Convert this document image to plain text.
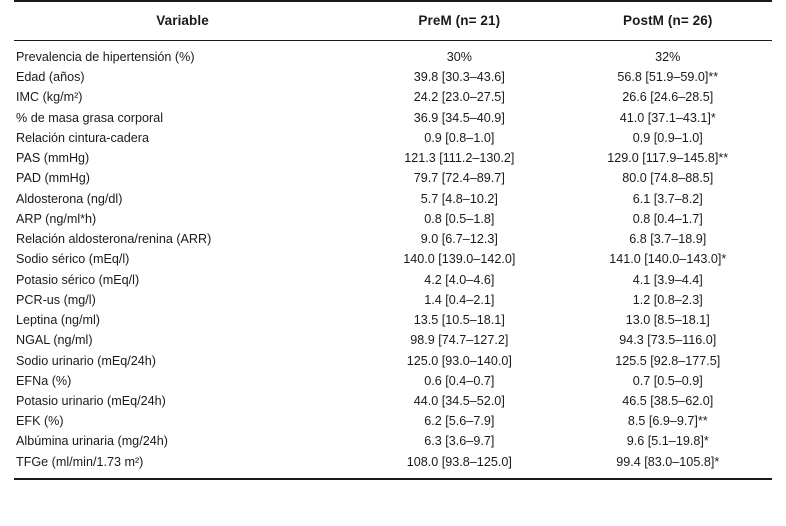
Variable	PreM (n= 21)	PostM (n= 26)
Prevalencia de hipertensión (%)	30%	32%
Edad (años)	39.8 [30.3–43.6]	56.8 [51.9–59.0]**
IMC (kg/m²)	24.2 [23.0–27.5]	26.6 [24.6–28.5]
% de masa grasa corporal	36.9 [34.5–40.9]	41.0 [37.1–43.1]*
Relación cintura-cadera	0.9 [0.8–1.0]	0.9 [0.9–1.0]
PAS (mmHg)	121.3 [111.2–130.2]	129.0 [117.9–145.8]**
PAD (mmHg)	79.7 [72.4–89.7]	80.0 [74.8–88.5]
Aldosterona (ng/dl)	5.7 [4.8–10.2]	6.1 [3.7–8.2]
ARP (ng/ml*h)	0.8 [0.5–1.8]	0.8 [0.4–1.7]
Relación aldosterona/renina (ARR)	9.0 [6.7–12.3]	6.8 [3.7–18.9]
Sodio sérico (mEq/l)	140.0 [139.0–142.0]	141.0 [140.0–143.0]*
Potasio sérico (mEq/l)	4.2 [4.0–4.6]	4.1 [3.9–4.4]
PCR-us (mg/l)	1.4 [0.4–2.1]	1.2 [0.8–2.3]
Leptina (ng/ml)	13.5 [10.5–18.1]	13.0 [8.5–18.1]
NGAL (ng/ml)	98.9 [74.7–127.2]	94.3 [73.5–116.0]
Sodio urinario (mEq/24h)	125.0 [93.0–140.0]	125.5 [92.8–177.5]
EFNa (%)	0.6 [0.4–0.7]	0.7 [0.5–0.9]
Potasio urinario (mEq/24h)	44.0 [34.5–52.0]	46.5 [38.5–62.0]
EFK (%)	6.2 [5.6–7.9]	8.5 [6.9–9.7]**
Albúmina urinaria (mg/24h)	6.3 [3.6–9.7]	9.6 [5.1–19.8]*
TFGe (ml/min/1.73 m²)	108.0 [93.8–125.0]	99.4 [83.0–105.8]*
